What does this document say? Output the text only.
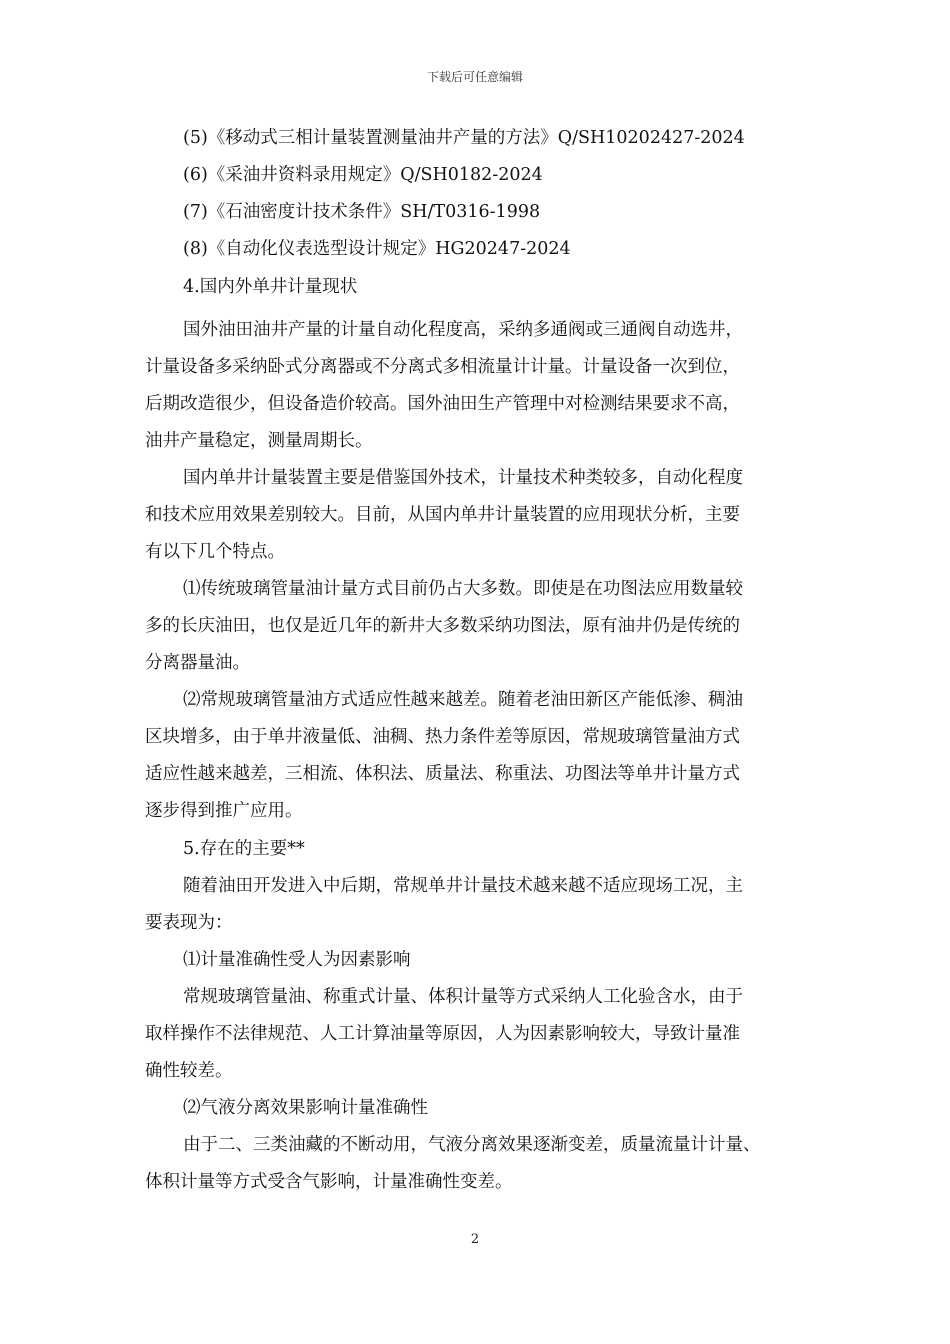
下载后可任意编辑
(5)《移动式三相计量装置测量油井产量的方法》Q/SH10202427-2024
(6)《采油井资料录用规定》Q/SH0182-2024
(7)《石油密度计技术条件》SH/T0316-1998
(8)《自动化仪表选型设计规定》HG20247-2024
4.国内外单井计量现状
国外油田油井产量的计量自动化程度高，采纳多通阀或三通阀自动选井，
计量设备多采纳卧式分离器或不分离式多相流量计计量。计量设备一次到位，
后期改造很少，但设备造价较高。国外油田生产管理中对检测结果要求不高，
油井产量稳定，测量周期长。
国内单井计量装置主要是借鉴国外技术，计量技术种类较多，自动化程度
和技术应用效果差别较大。目前，从国内单井计量装置的应用现状分析，主要
有以下几个特点。
⑴传统玻璃管量油计量方式目前仍占大多数。即使是在功图法应用数量较
多的长庆油田，也仅是近几年的新井大多数采纳功图法，原有油井仍是传统的
分离器量油。
⑵常规玻璃管量油方式适应性越来越差。随着老油田新区产能低渗、稠油
区块增多，由于单井液量低、油稠、热力条件差等原因，常规玻璃管量油方式
适应性越来越差，三相流、体积法、质量法、称重法、功图法等单井计量方式
逐步得到推广应用。
5.存在的主要**
随着油田开发进入中后期，常规单井计量技术越来越不适应现场工况，主
要表现为：
⑴计量准确性受人为因素影响
常规玻璃管量油、称重式计量、体积计量等方式采纳人工化验含水，由于
取样操作不法律规范、人工计算油量等原因，人为因素影响较大，导致计量准
确性较差。
⑵气液分离效果影响计量准确性
由于二、三类油藏的不断动用，气液分离效果逐渐变差，质量流量计计量、
体积计量等方式受含气影响，计量准确性变差。
2
